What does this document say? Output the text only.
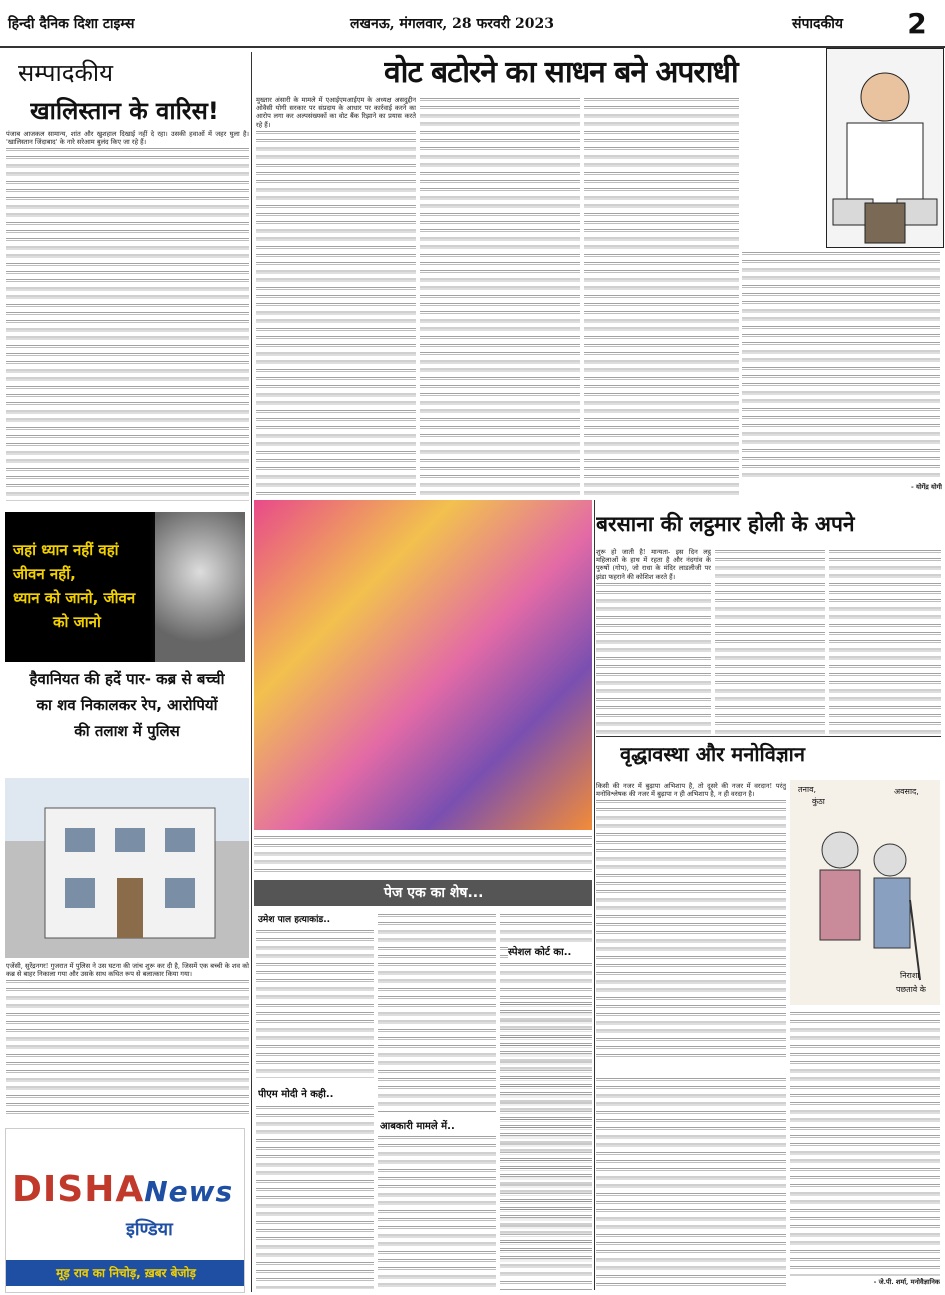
हिन्दी दैनिक दिशा टाइम्स	लखनऊ, मंगलवार, 28 फरवरी 2023	संपादकीय	2
सम्पादकीय	वोट बटोरने का साधन बने अपराधी
खालिस्तान के वारिस!
पंजाब आजकल सामान्य, शांत और खुशहाल दिखाई नहीं दे रहा। उसकी हवाओं में जहर घुला है। 'खालिस्तान जिंदाबाद' के नारे सरेआम बुलंद किए जा रहे हैं।
मुख्तार अंसारी के मामले में एआईएमआईएम के अध्यक्ष असदुद्दीन ओवैसी योगी सरकार पर संप्रदाय के आधार पर कार्रवाई करने का आरोप लगा कर अल्पसंख्यकों का वोट बैंक रिझाने का प्रयास करते रहे हैं।
- योगेंद्र योगी
जहां ध्यान नहीं वहां
जीवन नहीं,
ध्यान को जानो, जीवन
को जानो
हैवानियत की हदें पार- कब्र से बच्ची
का शव निकालकर रेप, आरोपियों
की तलाश में पुलिस
एजेंसी, सुरेंद्रनगर! गुजरात में पुलिस ने उस घटना की जांच शुरू कर दी है, जिसमें एक बच्ची के शव को कब्र से बाहर निकाला गया और उसके साथ कथित रूप से बलात्कार किया गया।
DISHANews
इण्डिया
मूड़ राव का निचोड़, ख़बर बेजोड़
बरसाना की लट्ठमार होली के अपने
शुरू हो जाती है! मान्यता- इस दिन लट्ठ महिलाओं के हाथ में रहता है और नंदगांव के पुरुषों (गोप), जो राधा के मंदिर लाडलीजी पर झंडा फहराने की कोशिश करते हैं।
पेज एक का शेष...
उमेश पाल हत्याकांड..
पीएम मोदी ने कही..
आबकारी मामले में..
स्पेशल कोर्ट का..
वृद्धावस्था और मनोविज्ञान
किसी की नजर में बुढ़ापा अभिशाप है, तो दूसरे की नजर में वरदान! परंतु मनोविश्लेषक की नजर में बुढ़ापा न ही अभिशाप है, न ही वरदान है।
तनाव,
कुंठा
अवसाद,
निराशा
पछतावे के
- जे.पी. शर्मा, मनोवैज्ञानिक
